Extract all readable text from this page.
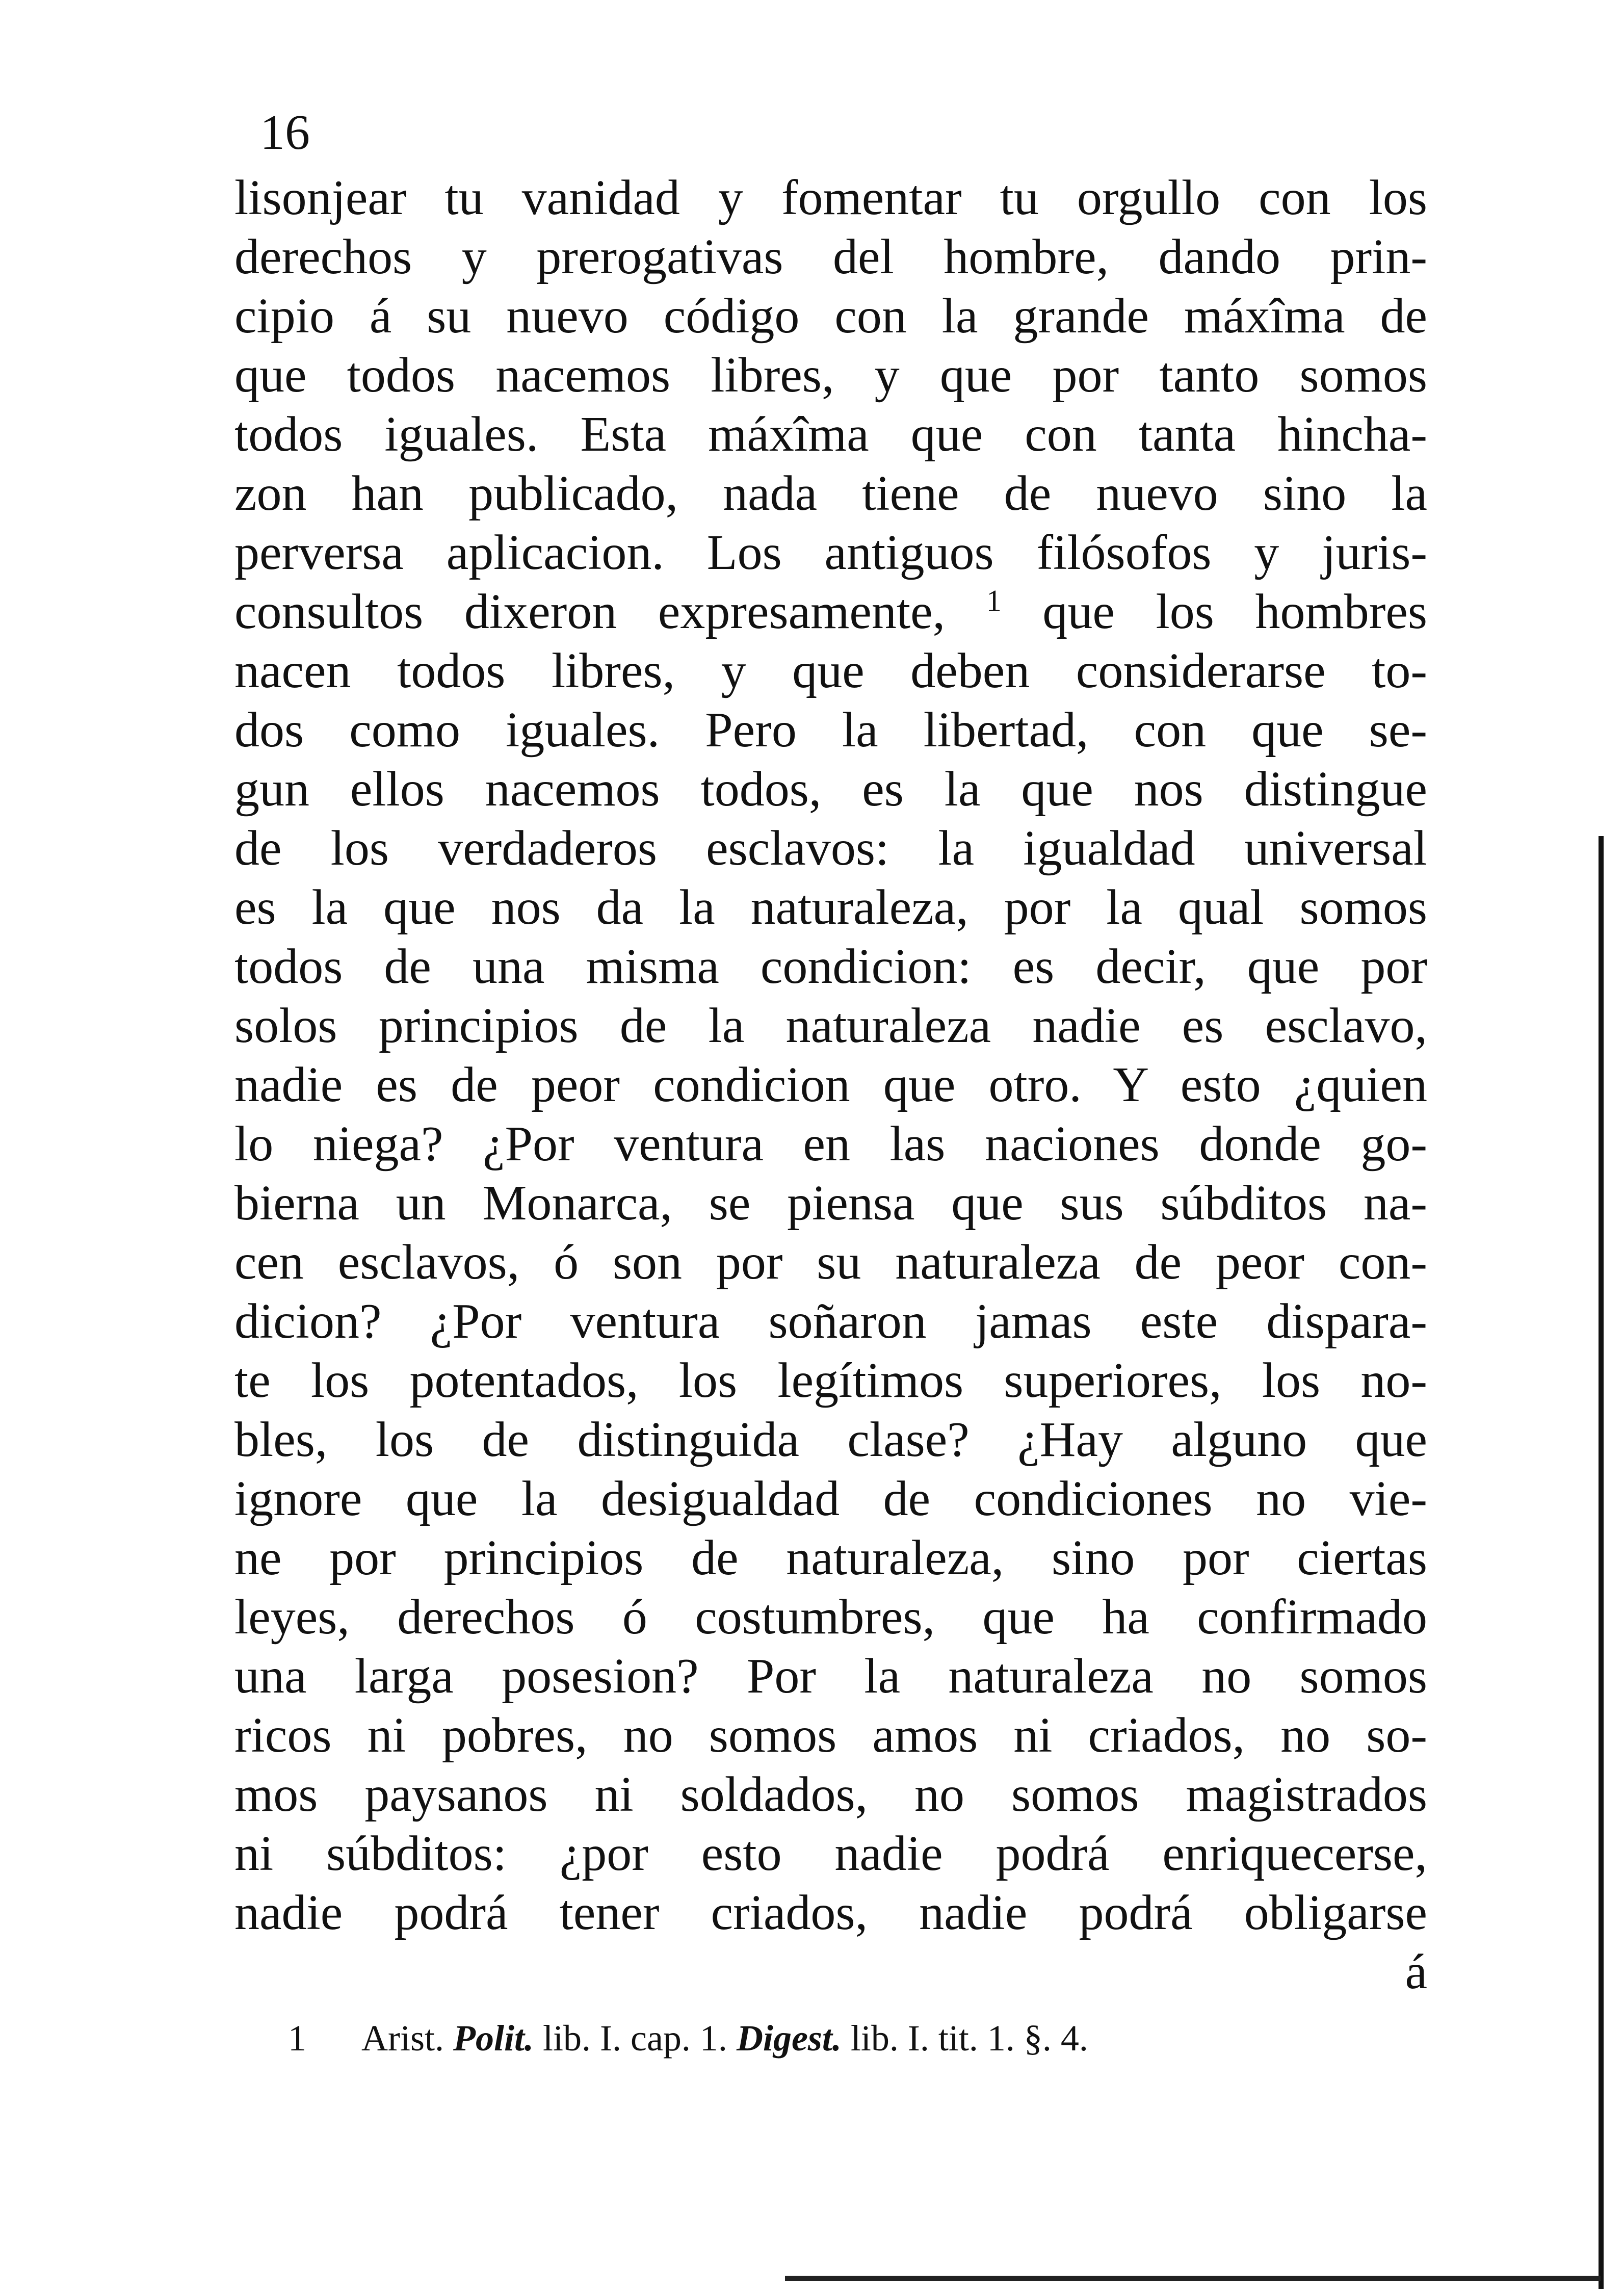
16
lisonjear tu vanidad y fomentar tu orgullo con los
derechos y prerogativas del hombre, dando prin-
cipio á su nuevo código con la grande máxîma de
que todos nacemos libres, y que por tanto somos
todos iguales. Esta máxîma que con tanta hincha-
zon han publicado, nada tiene de nuevo sino la
perversa aplicacion. Los antiguos filósofos y juris-
consultos dixeron expresamente, $^1$ que los hombres
nacen todos libres, y que deben considerarse to-
dos como iguales. Pero la libertad, con que se-
gun ellos nacemos todos, es la que nos distingue
de los verdaderos esclavos: la igualdad universal
es la que nos da la naturaleza, por la qual somos
todos de una misma condicion: es decir, que por
solos principios de la naturaleza nadie es esclavo,
nadie es de peor condicion que otro. Y esto ¿quien
lo niega? ¿Por ventura en las naciones donde go-
bierna un Monarca, se piensa que sus súbditos na-
cen esclavos, ó son por su naturaleza de peor con-
dicion? ¿Por ventura soñaron jamas este dispara-
te los potentados, los legítimos superiores, los no-
bles, los de distinguida clase? ¿Hay alguno que
ignore que la desigualdad de condiciones no vie-
ne por principios de naturaleza, sino por ciertas
leyes, derechos ó costumbres, que ha confirmado
una larga posesion? Por la naturaleza no somos
ricos ni pobres, no somos amos ni criados, no so-
mos paysanos ni soldados, no somos magistrados
ni súbditos: ¿por esto nadie podrá enriquecerse,
nadie podrá tener criados, nadie podrá obligarse
á
1 Arist. Polit. lib. I. cap. 1. Digest. lib. I. tit. 1. §. 4.
